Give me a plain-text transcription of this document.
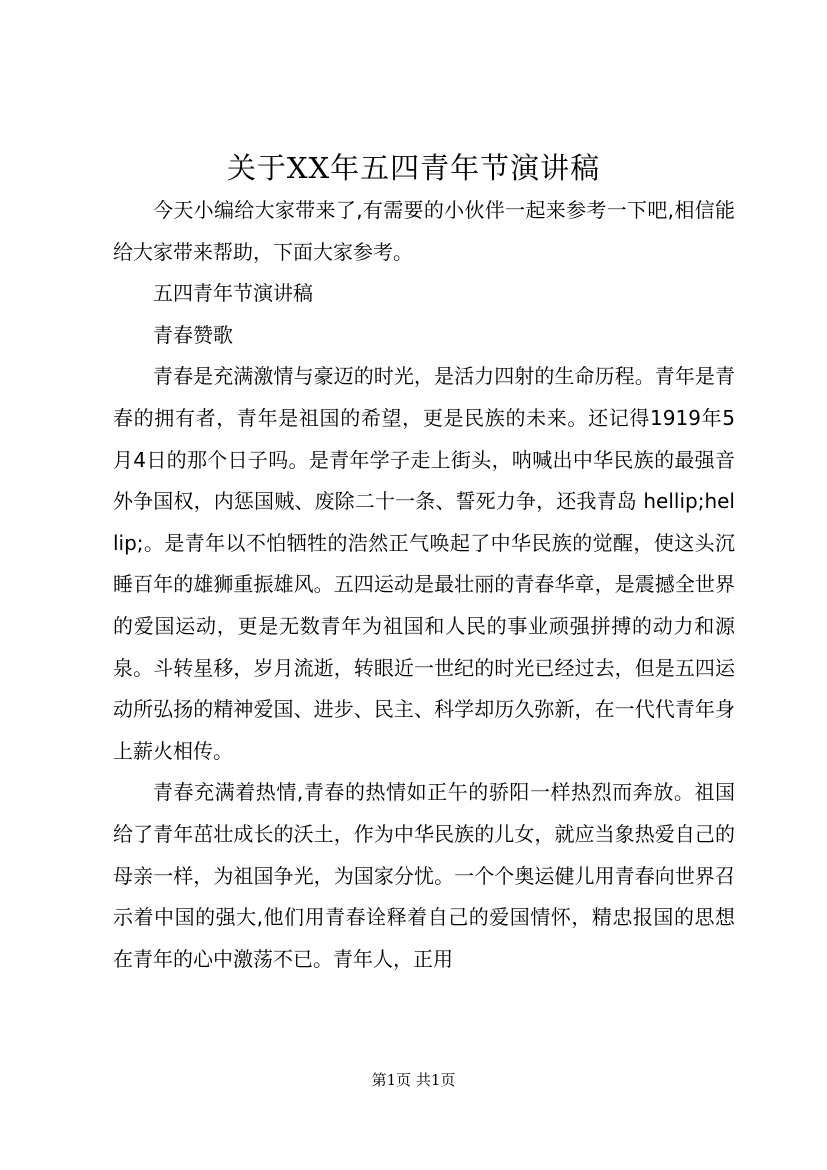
关于XX年五四青年节演讲稿

今天小编给大家带来了,有需要的小伙伴一起来参考一下吧,相信能给大家带来帮助，下面大家参考。

五四青年节演讲稿

青春赞歌

青春是充满激情与豪迈的时光，是活力四射的生命历程。青年是青春的拥有者，青年是祖国的希望，更是民族的未来。还记得1919年5月4日的那个日子吗。是青年学子走上街头，呐喊出中华民族的最强音外争国权，内惩国贼、废除二十一条、誓死力争，还我青岛 hellip;hellip;。是青年以不怕牺牲的浩然正气唤起了中华民族的觉醒，使这头沉睡百年的雄狮重振雄风。五四运动是最壮丽的青春华章，是震撼全世界的爱国运动，更是无数青年为祖国和人民的事业顽强拼搏的动力和源泉。斗转星移，岁月流逝，转眼近一世纪的时光已经过去，但是五四运动所弘扬的精神爱国、进步、民主、科学却历久弥新，在一代代青年身上薪火相传。

青春充满着热情,青春的热情如正午的骄阳一样热烈而奔放。祖国给了青年茁壮成长的沃土，作为中华民族的儿女，就应当象热爱自己的母亲一样，为祖国争光，为国家分忧。一个个奥运健儿用青春向世界召示着中国的强大,他们用青春诠释着自己的爱国情怀，精忠报国的思想在青年的心中激荡不已。青年人，正用

第1页 共1页
